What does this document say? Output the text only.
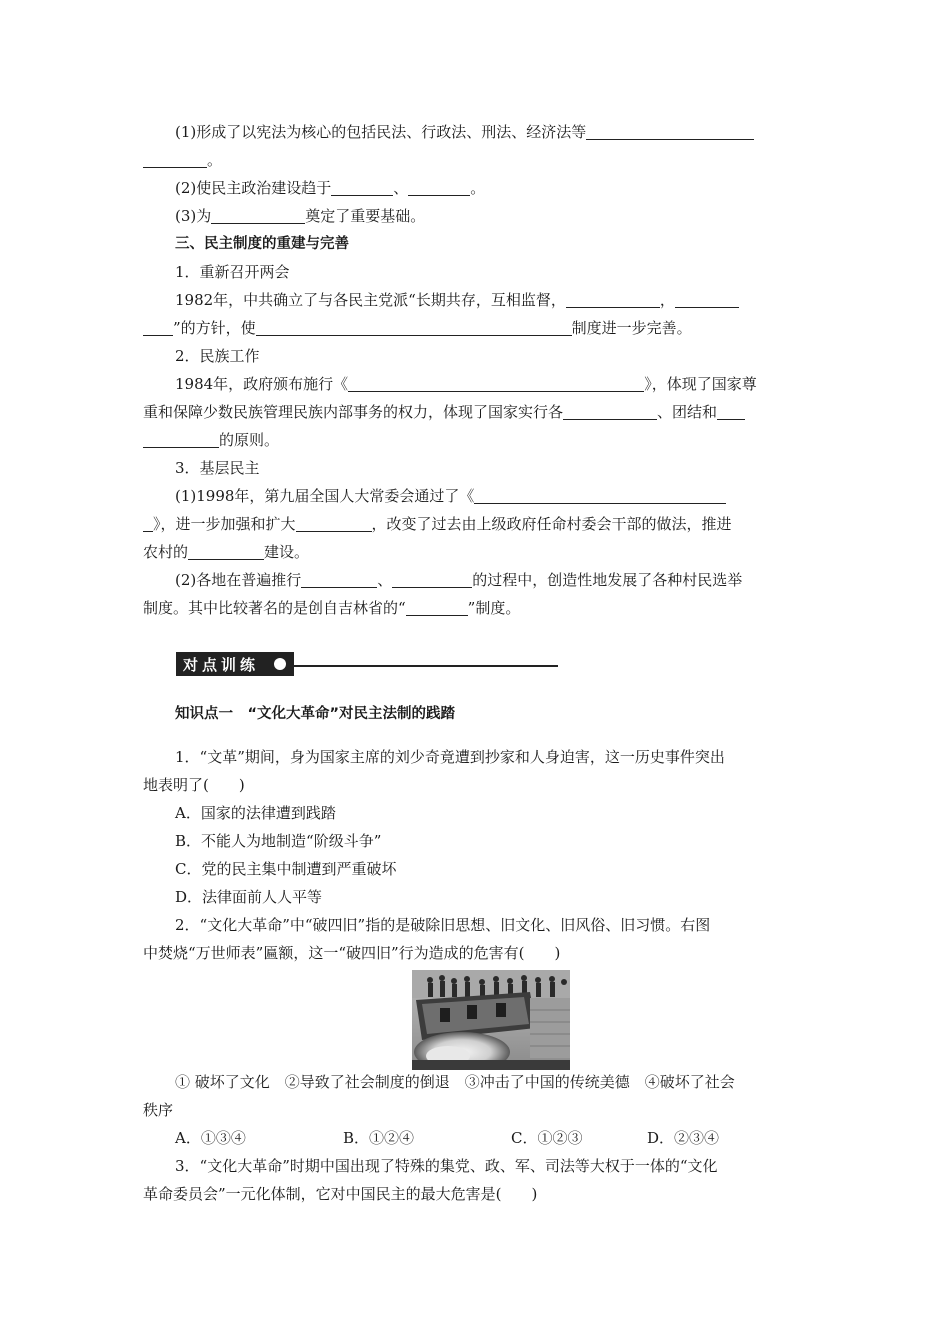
(1)形成了以宪法为核心的包括民法、行政法、刑法、经济法等
。
(2)使民主政治建设趋于	、	。
(3)为	奠定了重要基础。
三、民主制度的重建与完善
1．重新召开两会
1982年，中共确立了与各民主党派“长期共存，互相监督，	，
”的方针，使	制度进一步完善。
2．民族工作
1984年，政府颁布施行《	》，体现了国家尊
重和保障少数民族管理民族内部事务的权力，体现了国家实行各	、团结和
的原则。
3．基层民主
(1)1998年，第九届全国人大常委会通过了《
》，进一步加强和扩大	，改变了过去由上级政府任命村委会干部的做法，推进
农村的	建设。
(2)各地在普遍推行	、	的过程中，创造性地发展了各种村民选举
制度。其中比较著名的是创自吉林省的“	”制度。
对点训练
知识点一　“文化大革命”对民主法制的践踏
1．“文革”期间，身为国家主席的刘少奇竟遭到抄家和人身迫害，这一历史事件突出
地表明了(　　)
A．国家的法律遭到践踏
B．不能人为地制造“阶级斗争”
C．党的民主集中制遭到严重破坏
D．法律面前人人平等
2．“文化大革命”中“破四旧”指的是破除旧思想、旧文化、旧风俗、旧习惯。右图
中焚烧“万世师表”匾额，这一“破四旧”行为造成的危害有(　　)
① 破坏了文化　②导致了社会制度的倒退　③冲击了中国的传统美德　④破坏了社会
秩序
A．①③④	B．①②④	C．①②③	D．②③④
3．“文化大革命”时期中国出现了特殊的集党、政、军、司法等大权于一体的“文化
革命委员会”一元化体制，它对中国民主的最大危害是(　　)
